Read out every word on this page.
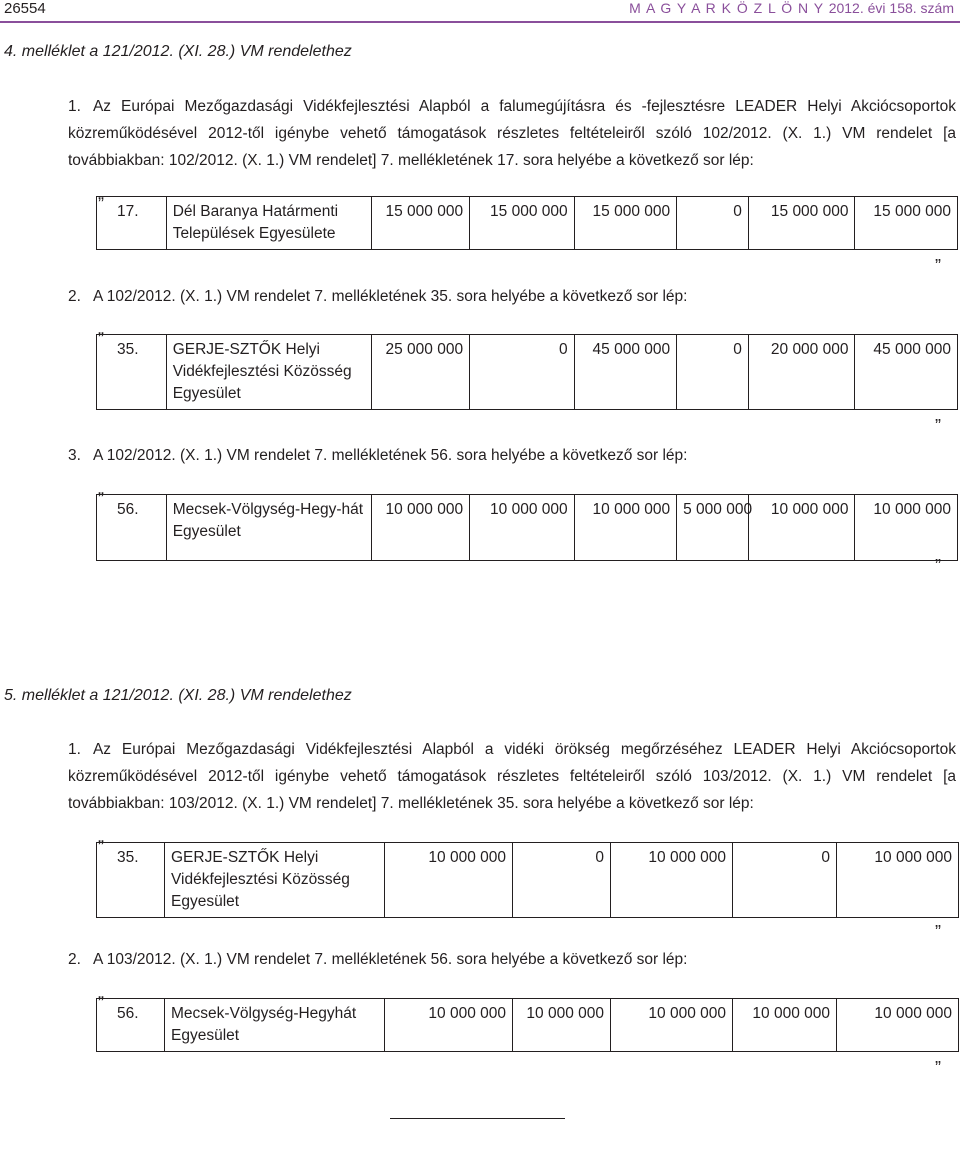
26554	M A G Y A R K Ö Z L Ö N Y 2012. évi 158. szám
4. melléklet a 121/2012. (XI. 28.) VM rendelethez
1. Az Európai Mezőgazdasági Vidékfejlesztési Alapból a falumegújításra és -fejlesztésre LEADER Helyi Akciócsoportok közreműködésével 2012-től igénybe vehető támogatások részletes feltételeiről szóló 102/2012. (X. 1.) VM rendelet [a továbbiakban: 102/2012. (X. 1.) VM rendelet] 7. mellékletének 17. sora helyébe a következő sor lép:
„
17.	Dél Baranya Határmenti Települések Egyesülete	15 000 000	15 000 000	15 000 000	0	15 000 000	15 000 000
”
2. A 102/2012. (X. 1.) VM rendelet 7. mellékletének 35. sora helyébe a következő sor lép:
„
35.	GERJE-SZTŐK Helyi Vidékfejlesztési Közösség Egyesület	25 000 000	0	45 000 000	0	20 000 000	45 000 000
”
3. A 102/2012. (X. 1.) VM rendelet 7. mellékletének 56. sora helyébe a következő sor lép:
„
56.	Mecsek-Völgység-Hegy-hát Egyesület	10 000 000	10 000 000	10 000 000	5 000 000	10 000 000	10 000 000
”
5. melléklet a 121/2012. (XI. 28.) VM rendelethez
1. Az Európai Mezőgazdasági Vidékfejlesztési Alapból a vidéki örökség megőrzéséhez LEADER Helyi Akciócsoportok közreműködésével 2012-től igénybe vehető támogatások részletes feltételeiről szóló 103/2012. (X. 1.) VM rendelet [a továbbiakban: 103/2012. (X. 1.) VM rendelet] 7. mellékletének 35. sora helyébe a következő sor lép:
„
35.	GERJE-SZTŐK Helyi Vidékfejlesztési Közösség Egyesület	10 000 000	0	10 000 000	0	10 000 000
”
2. A 103/2012. (X. 1.) VM rendelet 7. mellékletének 56. sora helyébe a következő sor lép:
„
56.	Mecsek-Völgység-Hegyhát Egyesület	10 000 000	10 000 000	10 000 000	10 000 000	10 000 000
”
